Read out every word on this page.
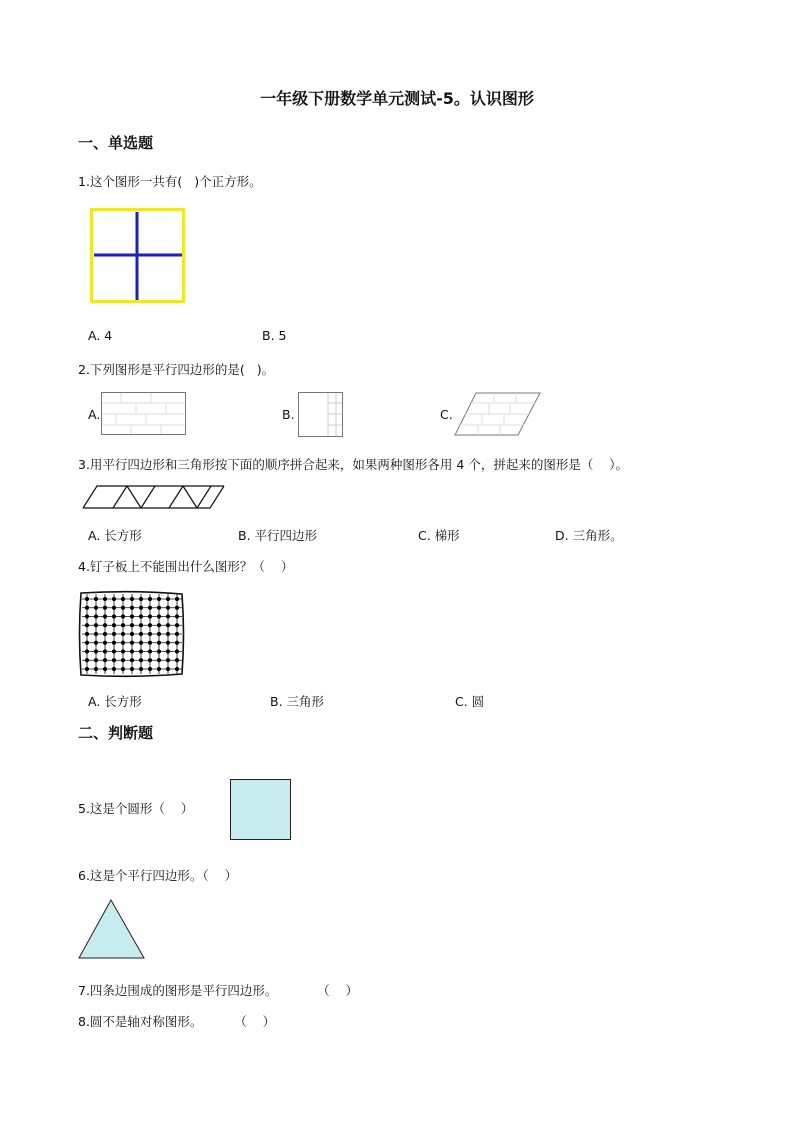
一年级下册数学单元测试-5。认识图形
一、单选题
1.这个图形一共有(   )个正方形。
A. 4	B. 5
2.下列图形是平行四边形的是(   )。
A.	B.	C.
3.用平行四边形和三角形按下面的顺序拼合起来，如果两种图形各用 4 个，拼起来的图形是（    ）。
A. 长方形	B. 平行四边形	C. 梯形	D. 三角形。
4.钉子板上不能围出什么图形？（    ）
A. 长方形	B. 三角形	C. 圆
二、判断题
5.这是个圆形（    ）
6.这是个平行四边形。（    ）
7.四条边围成的图形是平行四边形。          （    ）
8.圆不是轴对称图形。        （    ）
